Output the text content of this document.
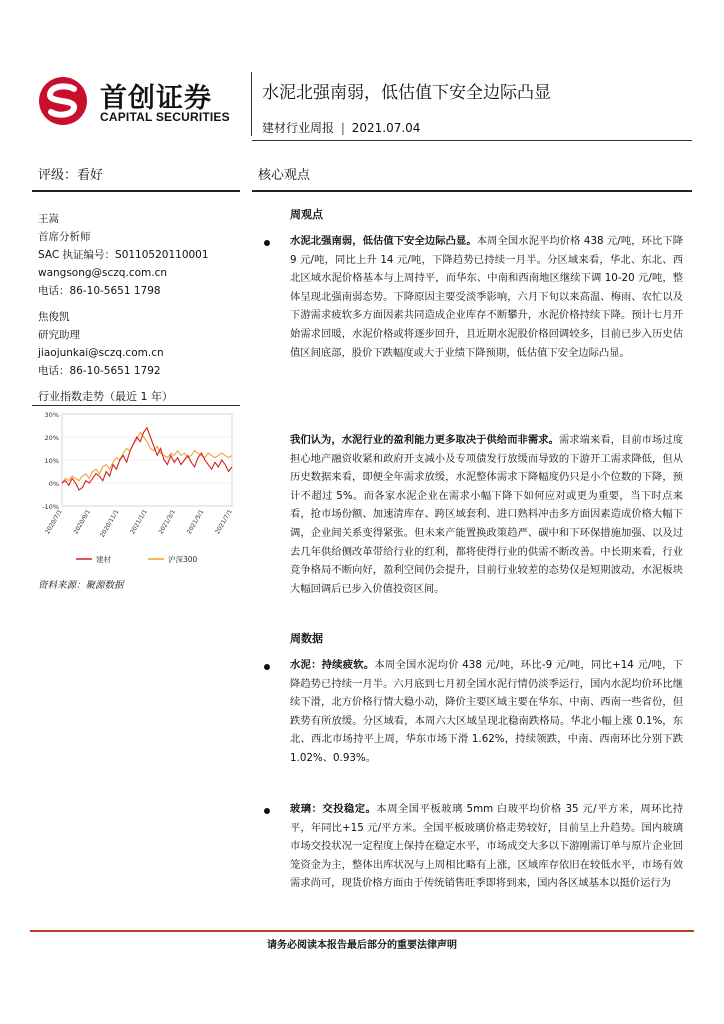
首创证券
CAPITAL SECURITIES
水泥北强南弱，低估值下安全边际凸显
建材行业周报 | 2021.07.04
评级：看好	核心观点
王嵩
首席分析师
SAC 执证编号：S0110520110001
wangsong@sczq.com.cn
电话：86-10-5651 1798
焦俊凯
研究助理
jiaojunkai@sczq.com.cn
电话：86-10-5651 1792
行业指数走势（最近 1 年）
30%
20%
10%
0%
-10%
2020/7/1 2020/9/1 2020/11/1 2021/1/1 2021/3/1 2021/5/1 2021/7/1
建材	沪深300
资料来源：聚源数据
周观点
水泥北强南弱，低估值下安全边际凸显。本周全国水泥平均价格 438 元/吨，环比下降 9 元/吨，同比上升 14 元/吨，下降趋势已持续一月半。分区域来看，华北、东北、西北区域水泥价格基本与上周持平，而华东、中南和西南地区继续下调 10-20 元/吨，整体呈现北强南弱态势。下降原因主要受淡季影响，六月下旬以来高温、梅雨、农忙以及下游需求疲软多方面因素共同造成企业库存不断攀升，水泥价格持续下降。预计七月开始需求回暖，水泥价格或将逐步回升，且近期水泥股价格回调较多，目前已步入历史估值区间底部，股价下跌幅度或大于业绩下降预期，低估值下安全边际凸显。
我们认为，水泥行业的盈利能力更多取决于供给而非需求。需求端来看，目前市场过度担心地产融资收紧和政府开支减小及专项债发行放缓而导致的下游开工需求降低，但从历史数据来看，即便全年需求放缓，水泥整体需求下降幅度仍只是小个位数的下降，预计不超过 5%。而各家水泥企业在需求小幅下降下如何应对或更为重要，当下时点来看，抢市场份额、加速清库存、跨区域套利、进口熟料冲击多方面因素造成价格大幅下调，企业间关系变得紧张。但未来产能置换政策趋严、碳中和下环保措施加强、以及过去几年供给侧改革带给行业的红利，都将使得行业的供需不断改善。中长期来看，行业竞争格局不断向好，盈利空间仍会提升，目前行业较差的态势仅是短期波动，水泥板块大幅回调后已步入价值投资区间。
周数据
水泥：持续疲软。本周全国水泥均价 438 元/吨，环比-9 元/吨，同比+14 元/吨，下降趋势已持续一月半。六月底到七月初全国水泥行情仍淡季运行，国内水泥均价环比继续下滑，北方价格行情大稳小动，降价主要区域主要在华东、中南、西南一些省份，但跌势有所放缓。分区域看，本周六大区域呈现北稳南跌格局。华北小幅上涨 0.1%，东北、西北市场持平上周，华东市场下滑 1.62%，持续领跌，中南、西南环比分别下跌 1.02%、0.93%。
玻璃：交投稳定。本周全国平板玻璃 5mm 白玻平均价格 35 元/平方米，周环比持平，年同比+15 元/平方米。全国平板玻璃价格走势较好，目前呈上升趋势。国内玻璃市场交投状况一定程度上保持在稳定水平，市场成交大多以下游刚需订单与原片企业回笼资金为主，整体出库状况与上周相比略有上涨，区域库存依旧在较低水平，市场有效需求尚可，现货价格方面由于传统销售旺季即将到来，国内各区域基本以挺价运行为
请务必阅读本报告最后部分的重要法律声明
